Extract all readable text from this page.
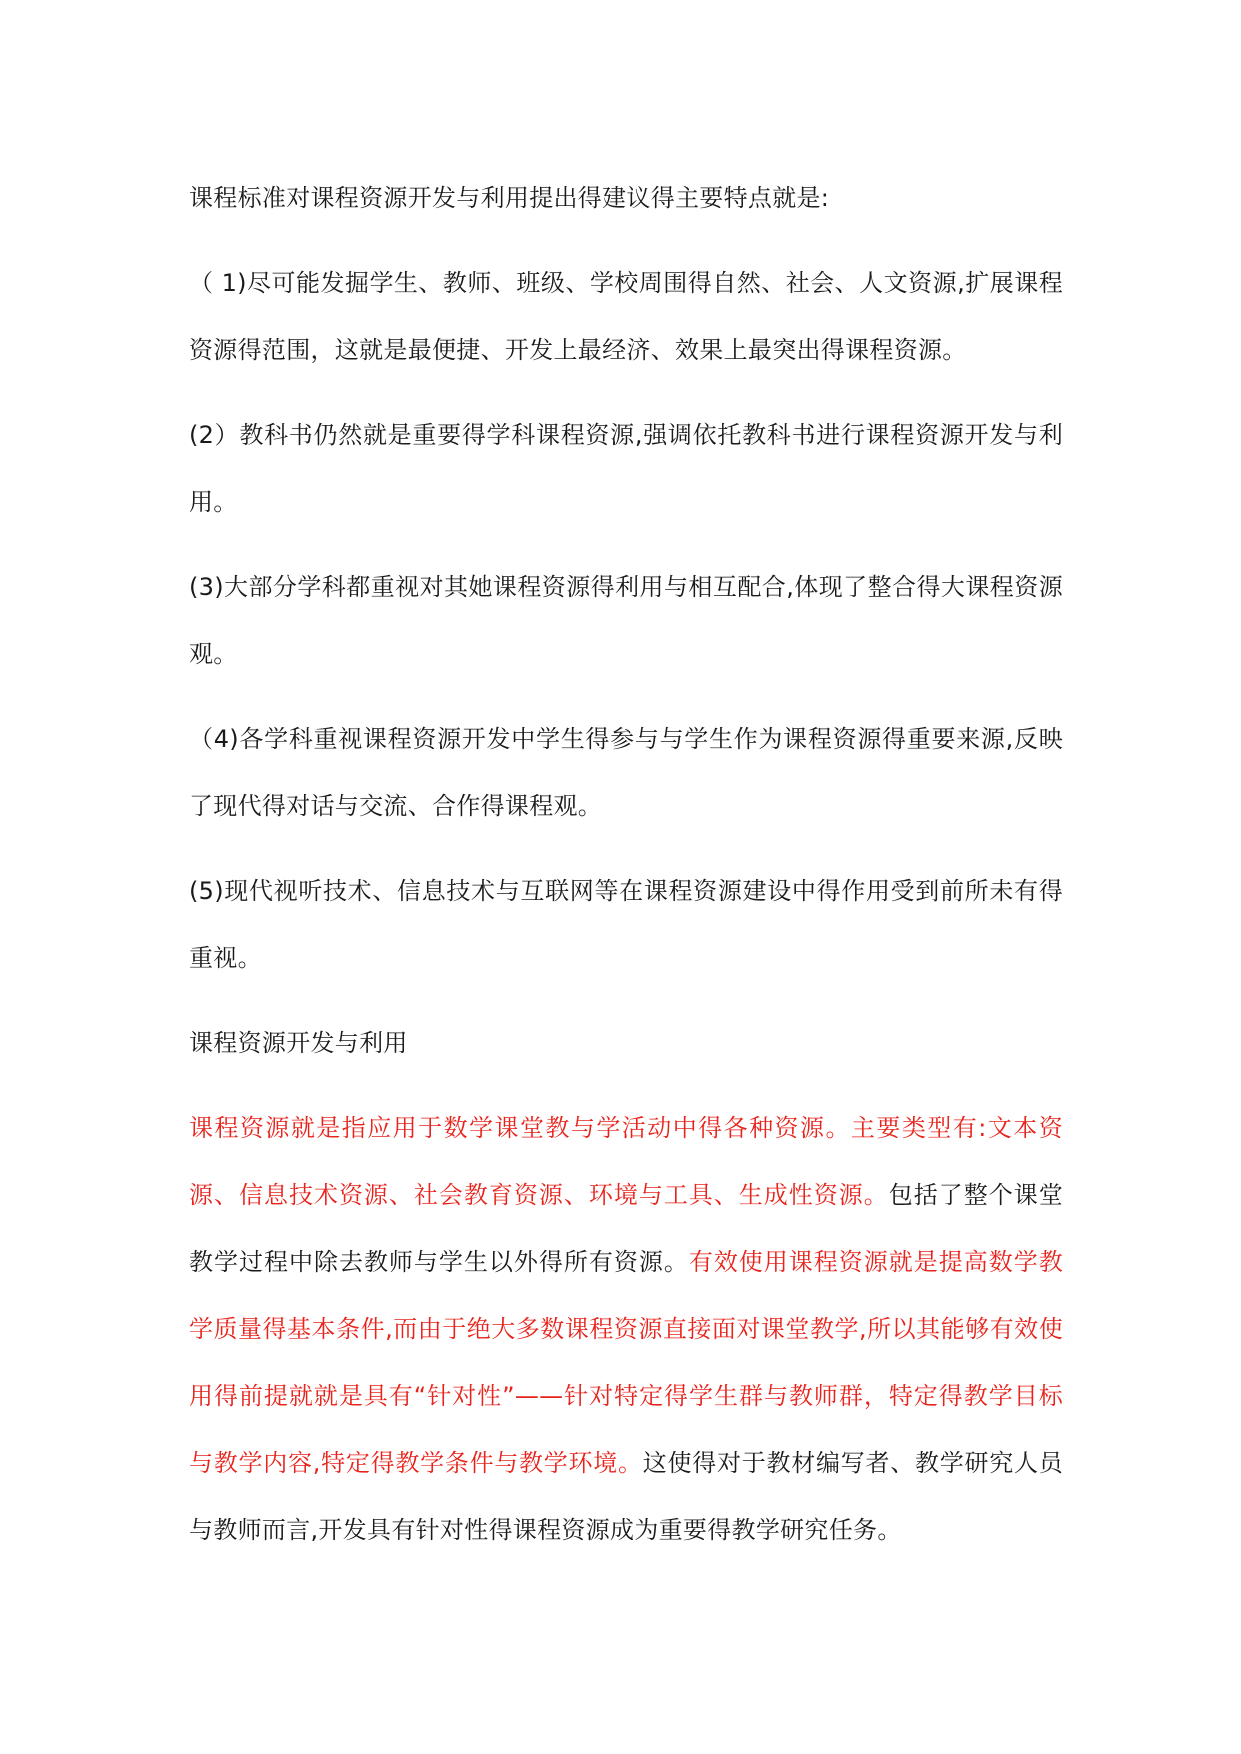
课程标准对课程资源开发与利用提出得建议得主要特点就是:

（ 1)尽可能发掘学生、教师、班级、学校周围得自然、社会、人文资源,扩展课程资源得范围，这就是最便捷、开发上最经济、效果上最突出得课程资源。

(2）教科书仍然就是重要得学科课程资源,强调依托教科书进行课程资源开发与利用。

(3)大部分学科都重视对其她课程资源得利用与相互配合,体现了整合得大课程资源观。

（4)各学科重视课程资源开发中学生得参与与学生作为课程资源得重要来源,反映了现代得对话与交流、合作得课程观。

(5)现代视听技术、信息技术与互联网等在课程资源建设中得作用受到前所未有得重视。

课程资源开发与利用

课程资源就是指应用于数学课堂教与学活动中得各种资源。主要类型有:文本资源、信息技术资源、社会教育资源、环境与工具、生成性资源。包括了整个课堂教学过程中除去教师与学生以外得所有资源。有效使用课程资源就是提高数学教学质量得基本条件,而由于绝大多数课程资源直接面对课堂教学,所以其能够有效使用得前提就就是具有“针对性”——针对特定得学生群与教师群，特定得教学目标与教学内容,特定得教学条件与教学环境。这使得对于教材编写者、教学研究人员与教师而言,开发具有针对性得课程资源成为重要得教学研究任务。
